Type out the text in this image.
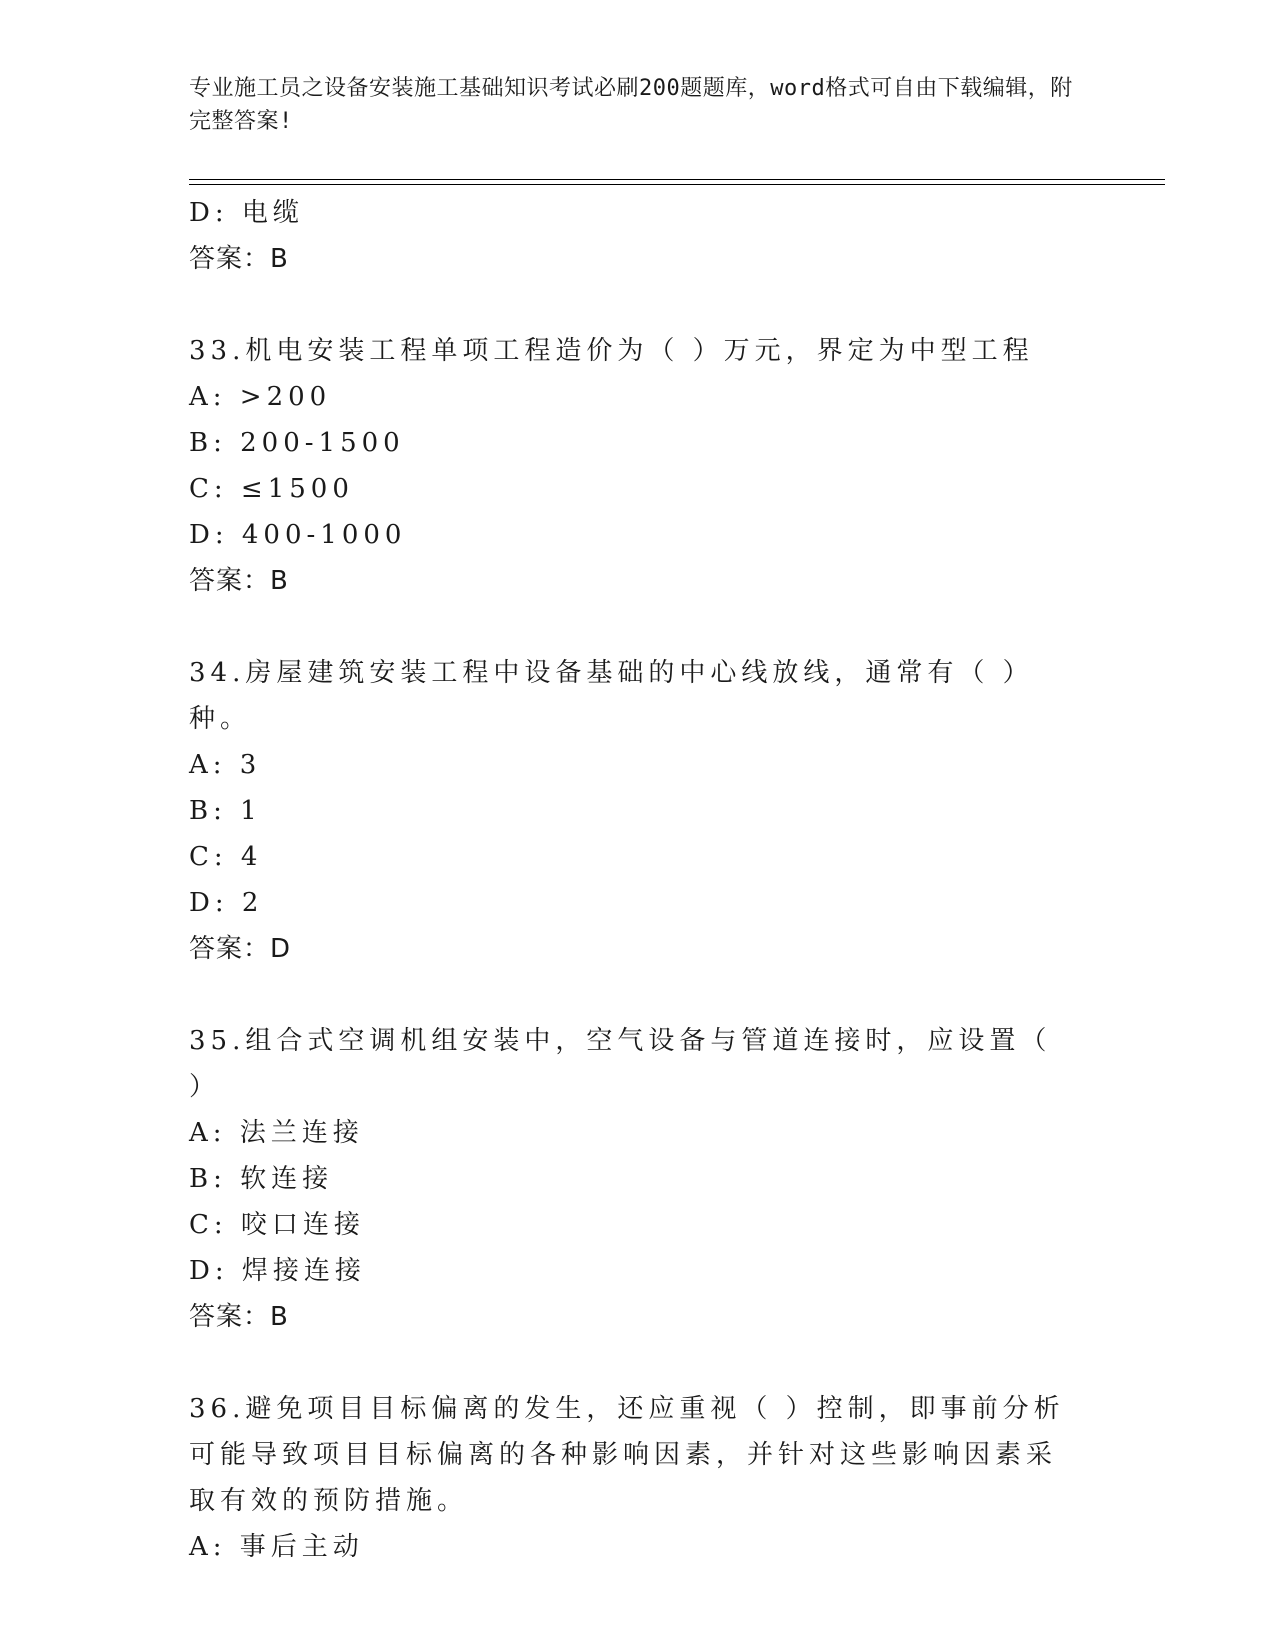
专业施工员之设备安装施工基础知识考试必刷200题题库，word格式可自由下载编辑，附完整答案!
D: 电缆
答案：B
33.机电安装工程单项工程造价为（ ）万元，界定为中型工程
A: >200
B: 200-1500
C: ≤1500
D: 400-1000
答案：B
34.房屋建筑安装工程中设备基础的中心线放线，通常有（ ）种。
A: 3
B: 1
C: 4
D: 2
答案：D
35.组合式空调机组安装中，空气设备与管道连接时，应设置（ ）
A: 法兰连接
B: 软连接
C: 咬口连接
D: 焊接连接
答案：B
36.避免项目目标偏离的发生，还应重视（ ）控制，即事前分析可能导致项目目标偏离的各种影响因素，并针对这些影响因素采取有效的预防措施。
A: 事后主动
